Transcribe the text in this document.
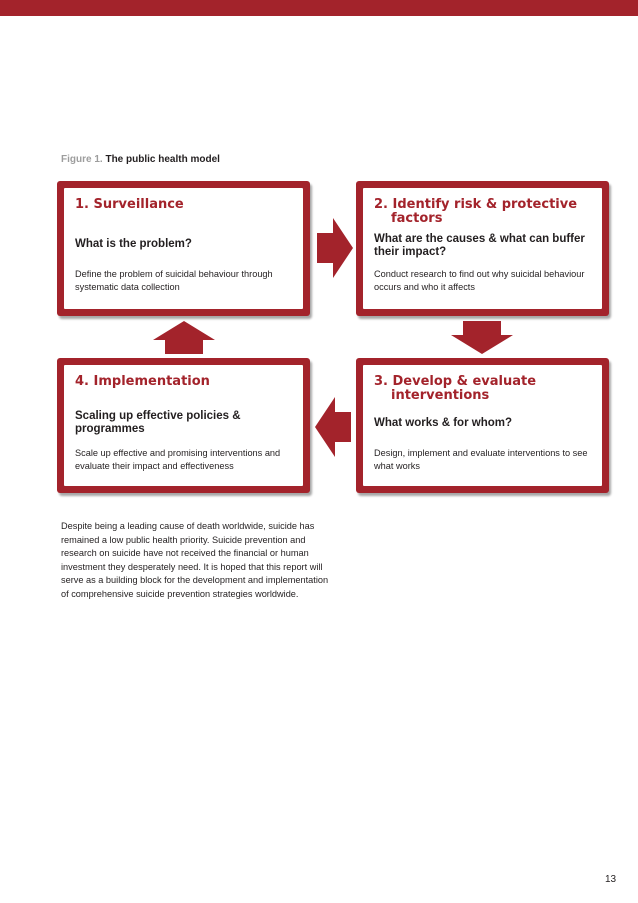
Figure 1. The public health model
1. Surveillance
What is the problem?
Define the problem of suicidal behaviour through systematic data collection
2. Identify risk & protective factors
What are the causes & what can buffer their impact?
Conduct research to find out why suicidal behaviour occurs and who it affects
3. Develop & evaluate interventions
What works & for whom?
Design, implement and evaluate interventions to see what works
4. Implementation
Scaling up effective policies & programmes
Scale up effective and promising interventions and evaluate their impact and effectiveness
Despite being a leading cause of death worldwide, suicide has remained a low public health priority. Suicide prevention and research on suicide have not received the financial or human investment they desperately need. It is hoped that this report will serve as a building block for the development and implementation of comprehensive suicide prevention strategies worldwide.
13
